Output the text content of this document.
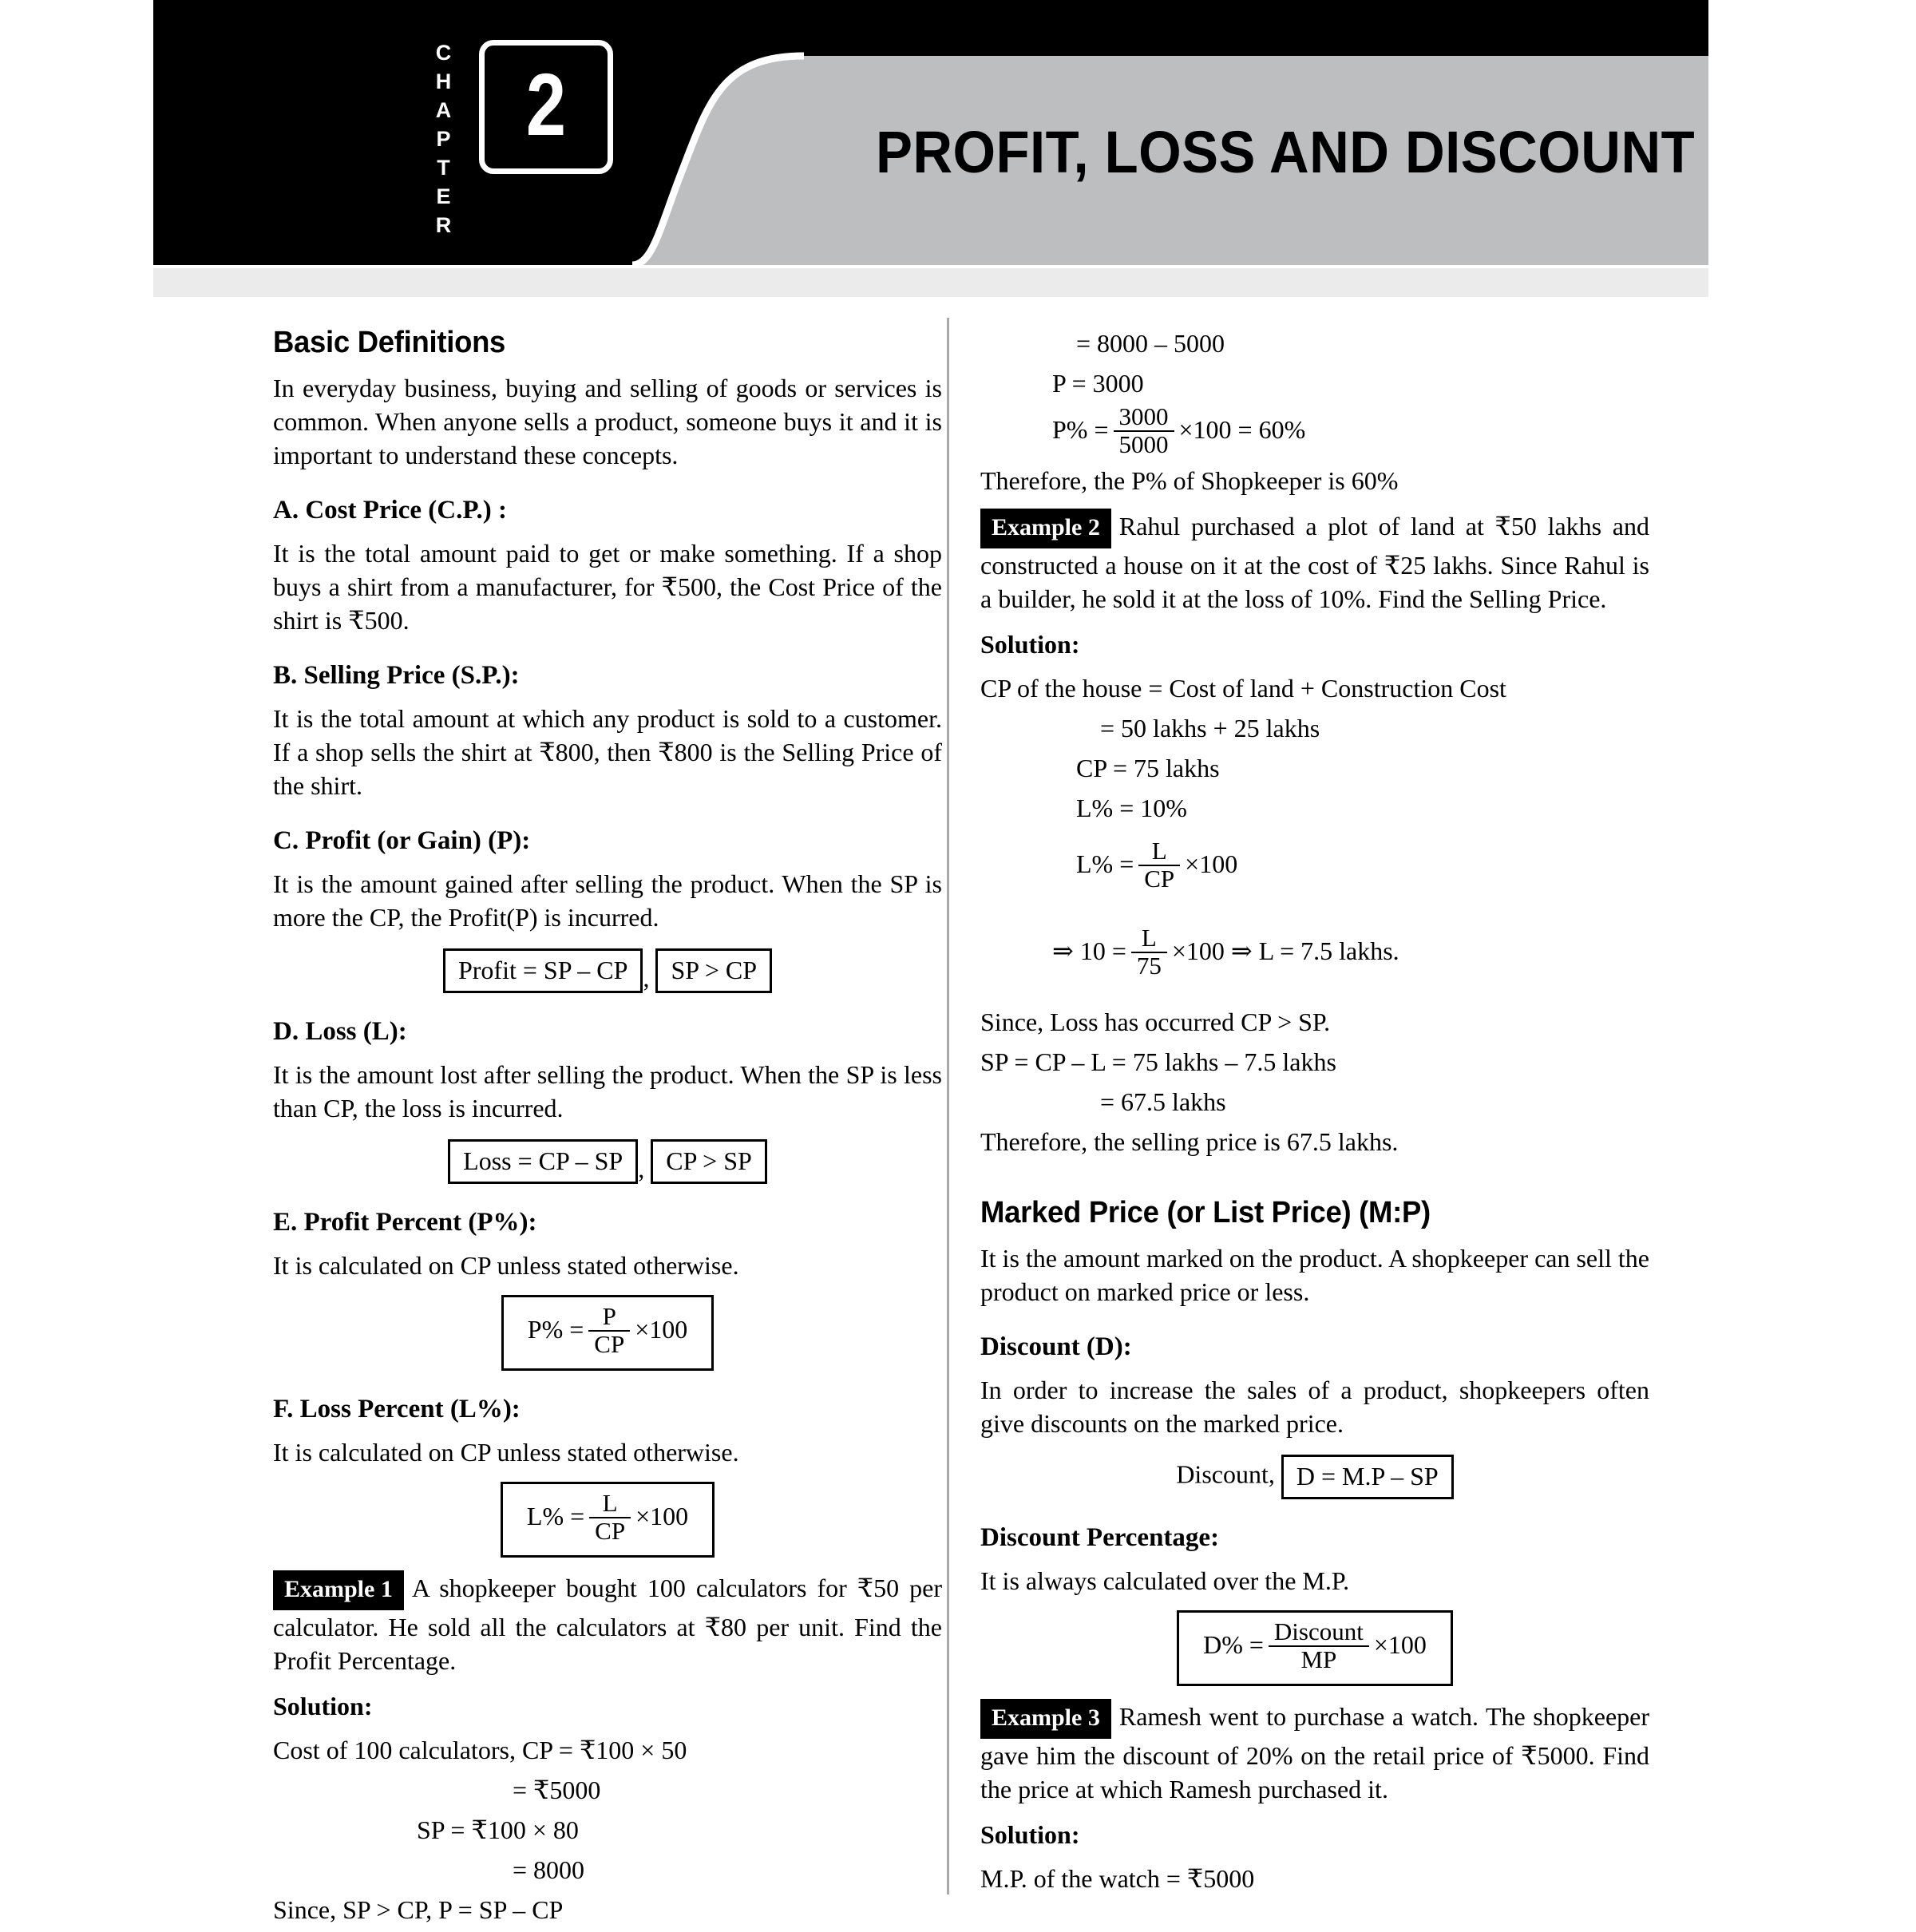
PROFIT, LOSS AND DISCOUNT
C
H
A
P
T
E
R
2
Basic Definitions

In everyday business, buying and selling of goods or services is common. When anyone sells a product, someone buys it and it is important to understand these concepts.

A. Cost Price (C.P.) :

It is the total amount paid to get or make something. If a shop buys a shirt from a manufacturer, for ₹500, the Cost Price of the shirt is ₹500.

B. Selling Price (S.P.):

It is the total amount at which any product is sold to a customer. If a shop sells the shirt at ₹800, then ₹800 is the Selling Price of the shirt.

C. Profit (or Gain) (P):

It is the amount gained after selling the product. When the SP is more the CP, the Profit(P) is incurred.

Profit = SP – CP , SP > CP
D. Loss (L):

It is the amount lost after selling the product. When the SP is less than CP, the loss is incurred.

Loss = CP – SP , CP > SP
E. Profit Percent (P%):

It is calculated on CP unless stated otherwise.

$P\% = \frac{P}{CP} \times 100$
F. Loss Percent (L%):

It is calculated on CP unless stated otherwise.

$L\% = \frac{L}{CP} \times 100$

Example 1 A shopkeeper bought 100 calculators for ₹50 per calculator. He sold all the calculators at ₹80 per unit. Find the Profit Percentage.

Solution:

Cost of 100 calculators, CP = ₹100 × 50

= ₹5000

SP = ₹100 × 80

= 8000

Since, SP > CP, P = SP – CP

= 8000 – 5000

P = 3000

$P\% = \frac{3000}{5000} \times 100 = 60\%$

Therefore, the P% of Shopkeeper is 60%

Example 2 Rahul purchased a plot of land at ₹50 lakhs and constructed a house on it at the cost of ₹25 lakhs. Since Rahul is a builder, he sold it at the loss of 10%. Find the Selling Price.

Solution:

CP of the house = Cost of land + Construction Cost

= 50 lakhs + 25 lakhs

CP = 75 lakhs

L% = 10%

$L\% = \frac{L}{CP} \times 100$
⇒ $10 = \frac{L}{75} \times 100$ ⇒ L = 7.5 lakhs.

Since, Loss has occurred CP > SP.

SP = CP – L = 75 lakhs – 7.5 lakhs

= 67.5 lakhs

Therefore, the selling price is 67.5 lakhs.

Marked Price (or List Price) (M:P)

It is the amount marked on the product. A shopkeeper can sell the product on marked price or less.

Discount (D):

In order to increase the sales of a product, shopkeepers often give discounts on the marked price.

Discount, D = M.P – SP
Discount Percentage:

It is always calculated over the M.P.

$D\% = \frac{\text{Discount}}{MP} \times 100$

Example 3 Ramesh went to purchase a watch. The shopkeeper gave him the discount of 20% on the retail price of ₹5000. Find the price at which Ramesh purchased it.

Solution:

M.P. of the watch = ₹5000
